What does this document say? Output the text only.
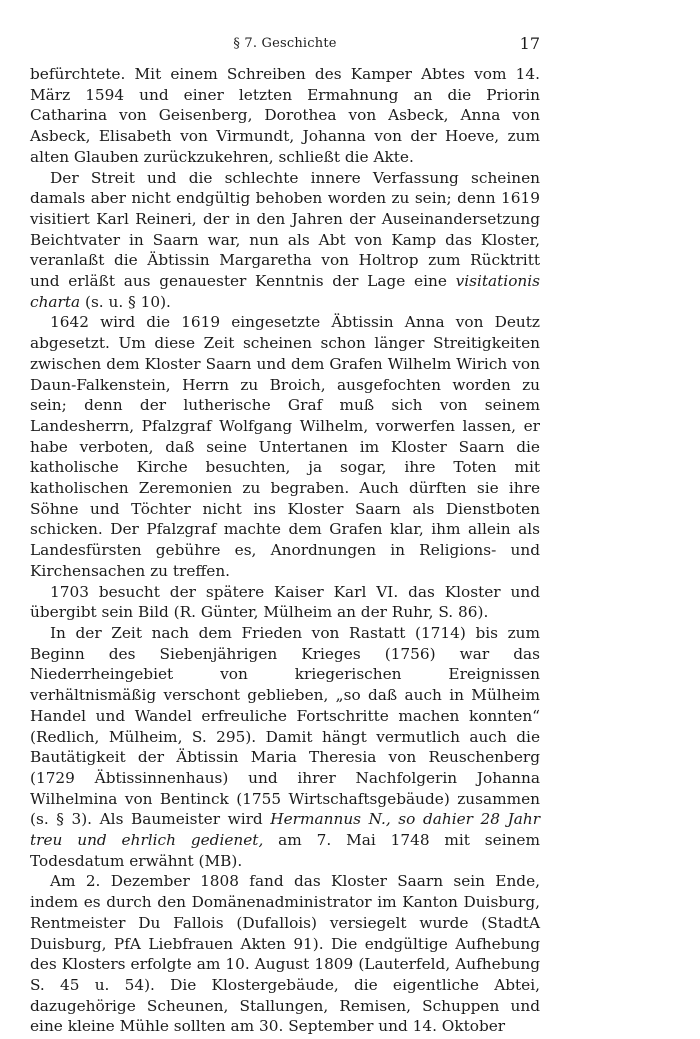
§ 7. Geschichte	17

befürchtete. Mit einem Schreiben des Kamper Abtes vom 14. März 1594 und einer letzten Ermahnung an die Priorin Catharina von Geisenberg, Dorothea von Asbeck, Anna von Asbeck, Elisabeth von Virmundt, Johanna von der Hoeve, zum alten Glauben zurückzukehren, schließt die Akte.

Der Streit und die schlechte innere Verfassung scheinen damals aber nicht endgültig behoben worden zu sein; denn 1619 visitiert Karl Reineri, der in den Jahren der Auseinandersetzung Beichtvater in Saarn war, nun als Abt von Kamp das Kloster, veranlaßt die Äbtissin Margaretha von Holtrop zum Rücktritt und erläßt aus genauester Kenntnis der Lage eine visitationis charta (s. u. § 10).

1642 wird die 1619 eingesetzte Äbtissin Anna von Deutz abgesetzt. Um diese Zeit scheinen schon länger Streitigkeiten zwischen dem Kloster Saarn und dem Grafen Wilhelm Wirich von Daun-Falkenstein, Herrn zu Broich, ausgefochten worden zu sein; denn der lutherische Graf muß sich von seinem Landesherrn, Pfalzgraf Wolfgang Wilhelm, vorwerfen lassen, er habe verboten, daß seine Untertanen im Kloster Saarn die katholische Kirche besuchten, ja sogar, ihre Toten mit katholischen Zeremonien zu begraben. Auch dürften sie ihre Söhne und Töchter nicht ins Kloster Saarn als Dienstboten schicken. Der Pfalzgraf machte dem Grafen klar, ihm allein als Landesfürsten gebühre es, Anordnungen in Religions- und Kirchensachen zu treffen.

1703 besucht der spätere Kaiser Karl VI. das Kloster und übergibt sein Bild (R. Günter, Mülheim an der Ruhr, S. 86).

In der Zeit nach dem Frieden von Rastatt (1714) bis zum Beginn des Siebenjährigen Krieges (1756) war das Niederrheingebiet von kriegerischen Ereignissen verhältnismäßig verschont geblieben, „so daß auch in Mülheim Handel und Wandel erfreuliche Fortschritte machen konnten“ (Redlich, Mülheim, S. 295). Damit hängt vermutlich auch die Bautätigkeit der Äbtissin Maria Theresia von Reuschenberg (1729 Äbtissinnenhaus) und ihrer Nachfolgerin Johanna Wilhelmina von Bentinck (1755 Wirtschaftsgebäude) zusammen (s. § 3). Als Baumeister wird Hermannus N., so dahier 28 Jahr treu und ehrlich gedienet, am 7. Mai 1748 mit seinem Todesdatum erwähnt (MB).

Am 2. Dezember 1808 fand das Kloster Saarn sein Ende, indem es durch den Domänenadministrator im Kanton Duisburg, Rentmeister Du Fallois (Dufallois) versiegelt wurde (StadtA Duisburg, PfA Liebfrauen Akten 91). Die endgültige Aufhebung des Klosters erfolgte am 10. August 1809 (Lauterfeld, Aufhebung S. 45 u. 54). Die Klostergebäude, die eigentliche Abtei, dazugehörige Scheunen, Stallungen, Remisen, Schuppen und eine kleine Mühle sollten am 30. September und 14. Oktober
